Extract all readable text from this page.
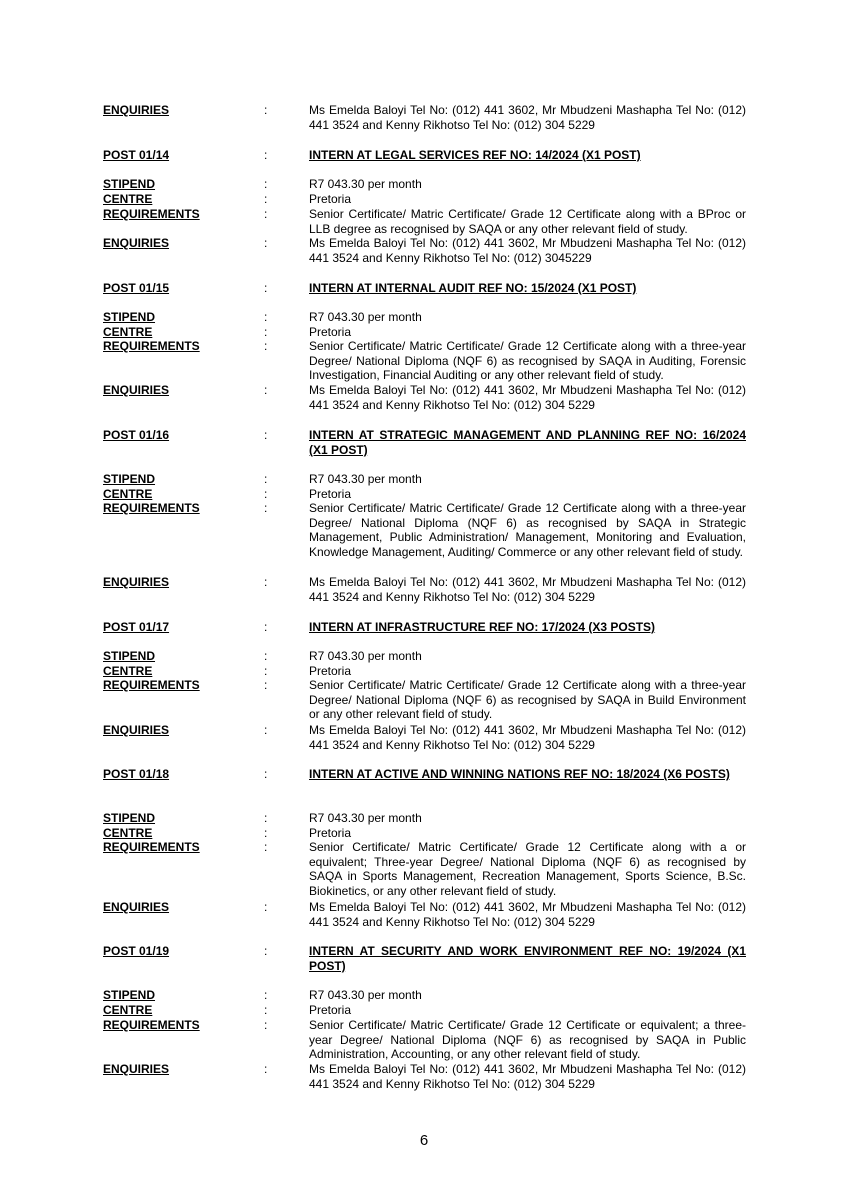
ENQUIRIES	:	Ms Emelda Baloyi Tel No: (012) 441 3602, Mr Mbudzeni Mashapha Tel No: (012) 441 3524 and Kenny Rikhotso Tel No: (012) 304 5229
POST 01/14	:	INTERN AT LEGAL SERVICES REF NO: 14/2024 (X1 POST)
STIPEND	:	R7 043.30 per month
CENTRE	:	Pretoria
REQUIREMENTS	:	Senior Certificate/ Matric Certificate/ Grade 12 Certificate along with a BProc or LLB degree as recognised by SAQA or any other relevant field of study.
ENQUIRIES	:	Ms Emelda Baloyi Tel No: (012) 441 3602, Mr Mbudzeni Mashapha Tel No: (012) 441 3524 and Kenny Rikhotso Tel No: (012) 3045229
POST 01/15	:	INTERN AT INTERNAL AUDIT REF NO: 15/2024 (X1 POST)
STIPEND	:	R7 043.30 per month
CENTRE	:	Pretoria
REQUIREMENTS	:	Senior Certificate/ Matric Certificate/ Grade 12 Certificate along with a three-year Degree/ National Diploma (NQF 6) as recognised by SAQA in Auditing, Forensic Investigation, Financial Auditing or any other relevant field of study.
ENQUIRIES	:	Ms Emelda Baloyi Tel No: (012) 441 3602, Mr Mbudzeni Mashapha Tel No: (012) 441 3524 and Kenny Rikhotso Tel No: (012) 304 5229
POST 01/16	:	INTERN AT STRATEGIC MANAGEMENT AND PLANNING REF NO: 16/2024 (X1 POST)
STIPEND	:	R7 043.30 per month
CENTRE	:	Pretoria
REQUIREMENTS	:	Senior Certificate/ Matric Certificate/ Grade 12 Certificate along with a three-year Degree/ National Diploma (NQF 6) as recognised by SAQA in Strategic Management, Public Administration/ Management, Monitoring and Evaluation, Knowledge Management, Auditing/ Commerce or any other relevant field of study.
ENQUIRIES	:	Ms Emelda Baloyi Tel No: (012) 441 3602, Mr Mbudzeni Mashapha Tel No: (012) 441 3524 and Kenny Rikhotso Tel No: (012) 304 5229
POST 01/17	:	INTERN AT INFRASTRUCTURE REF NO: 17/2024 (X3 POSTS)
STIPEND	:	R7 043.30 per month
CENTRE	:	Pretoria
REQUIREMENTS	:	Senior Certificate/ Matric Certificate/ Grade 12 Certificate along with a three-year Degree/ National Diploma (NQF 6) as recognised by SAQA in Build Environment or any other relevant field of study.
ENQUIRIES	:	Ms Emelda Baloyi Tel No: (012) 441 3602, Mr Mbudzeni Mashapha Tel No: (012) 441 3524 and Kenny Rikhotso Tel No: (012) 304 5229
POST 01/18	:	INTERN AT ACTIVE AND WINNING NATIONS REF NO: 18/2024 (X6 POSTS)
STIPEND	:	R7 043.30 per month
CENTRE	:	Pretoria
REQUIREMENTS	:	Senior Certificate/ Matric Certificate/ Grade 12 Certificate along with a or equivalent; Three-year Degree/ National Diploma (NQF 6) as recognised by SAQA in Sports Management, Recreation Management, Sports Science, B.Sc. Biokinetics, or any other relevant field of study.
ENQUIRIES	:	Ms Emelda Baloyi Tel No: (012) 441 3602, Mr Mbudzeni Mashapha Tel No: (012) 441 3524 and Kenny Rikhotso Tel No: (012) 304 5229
POST 01/19	:	INTERN AT SECURITY AND WORK ENVIRONMENT REF NO: 19/2024 (X1 POST)
STIPEND	:	R7 043.30 per month
CENTRE	:	Pretoria
REQUIREMENTS	:	Senior Certificate/ Matric Certificate/ Grade 12 Certificate or equivalent; a three-year Degree/ National Diploma (NQF 6) as recognised by SAQA in Public Administration, Accounting, or any other relevant field of study.
ENQUIRIES	:	Ms Emelda Baloyi Tel No: (012) 441 3602, Mr Mbudzeni Mashapha Tel No: (012) 441 3524 and Kenny Rikhotso Tel No: (012) 304 5229
6
